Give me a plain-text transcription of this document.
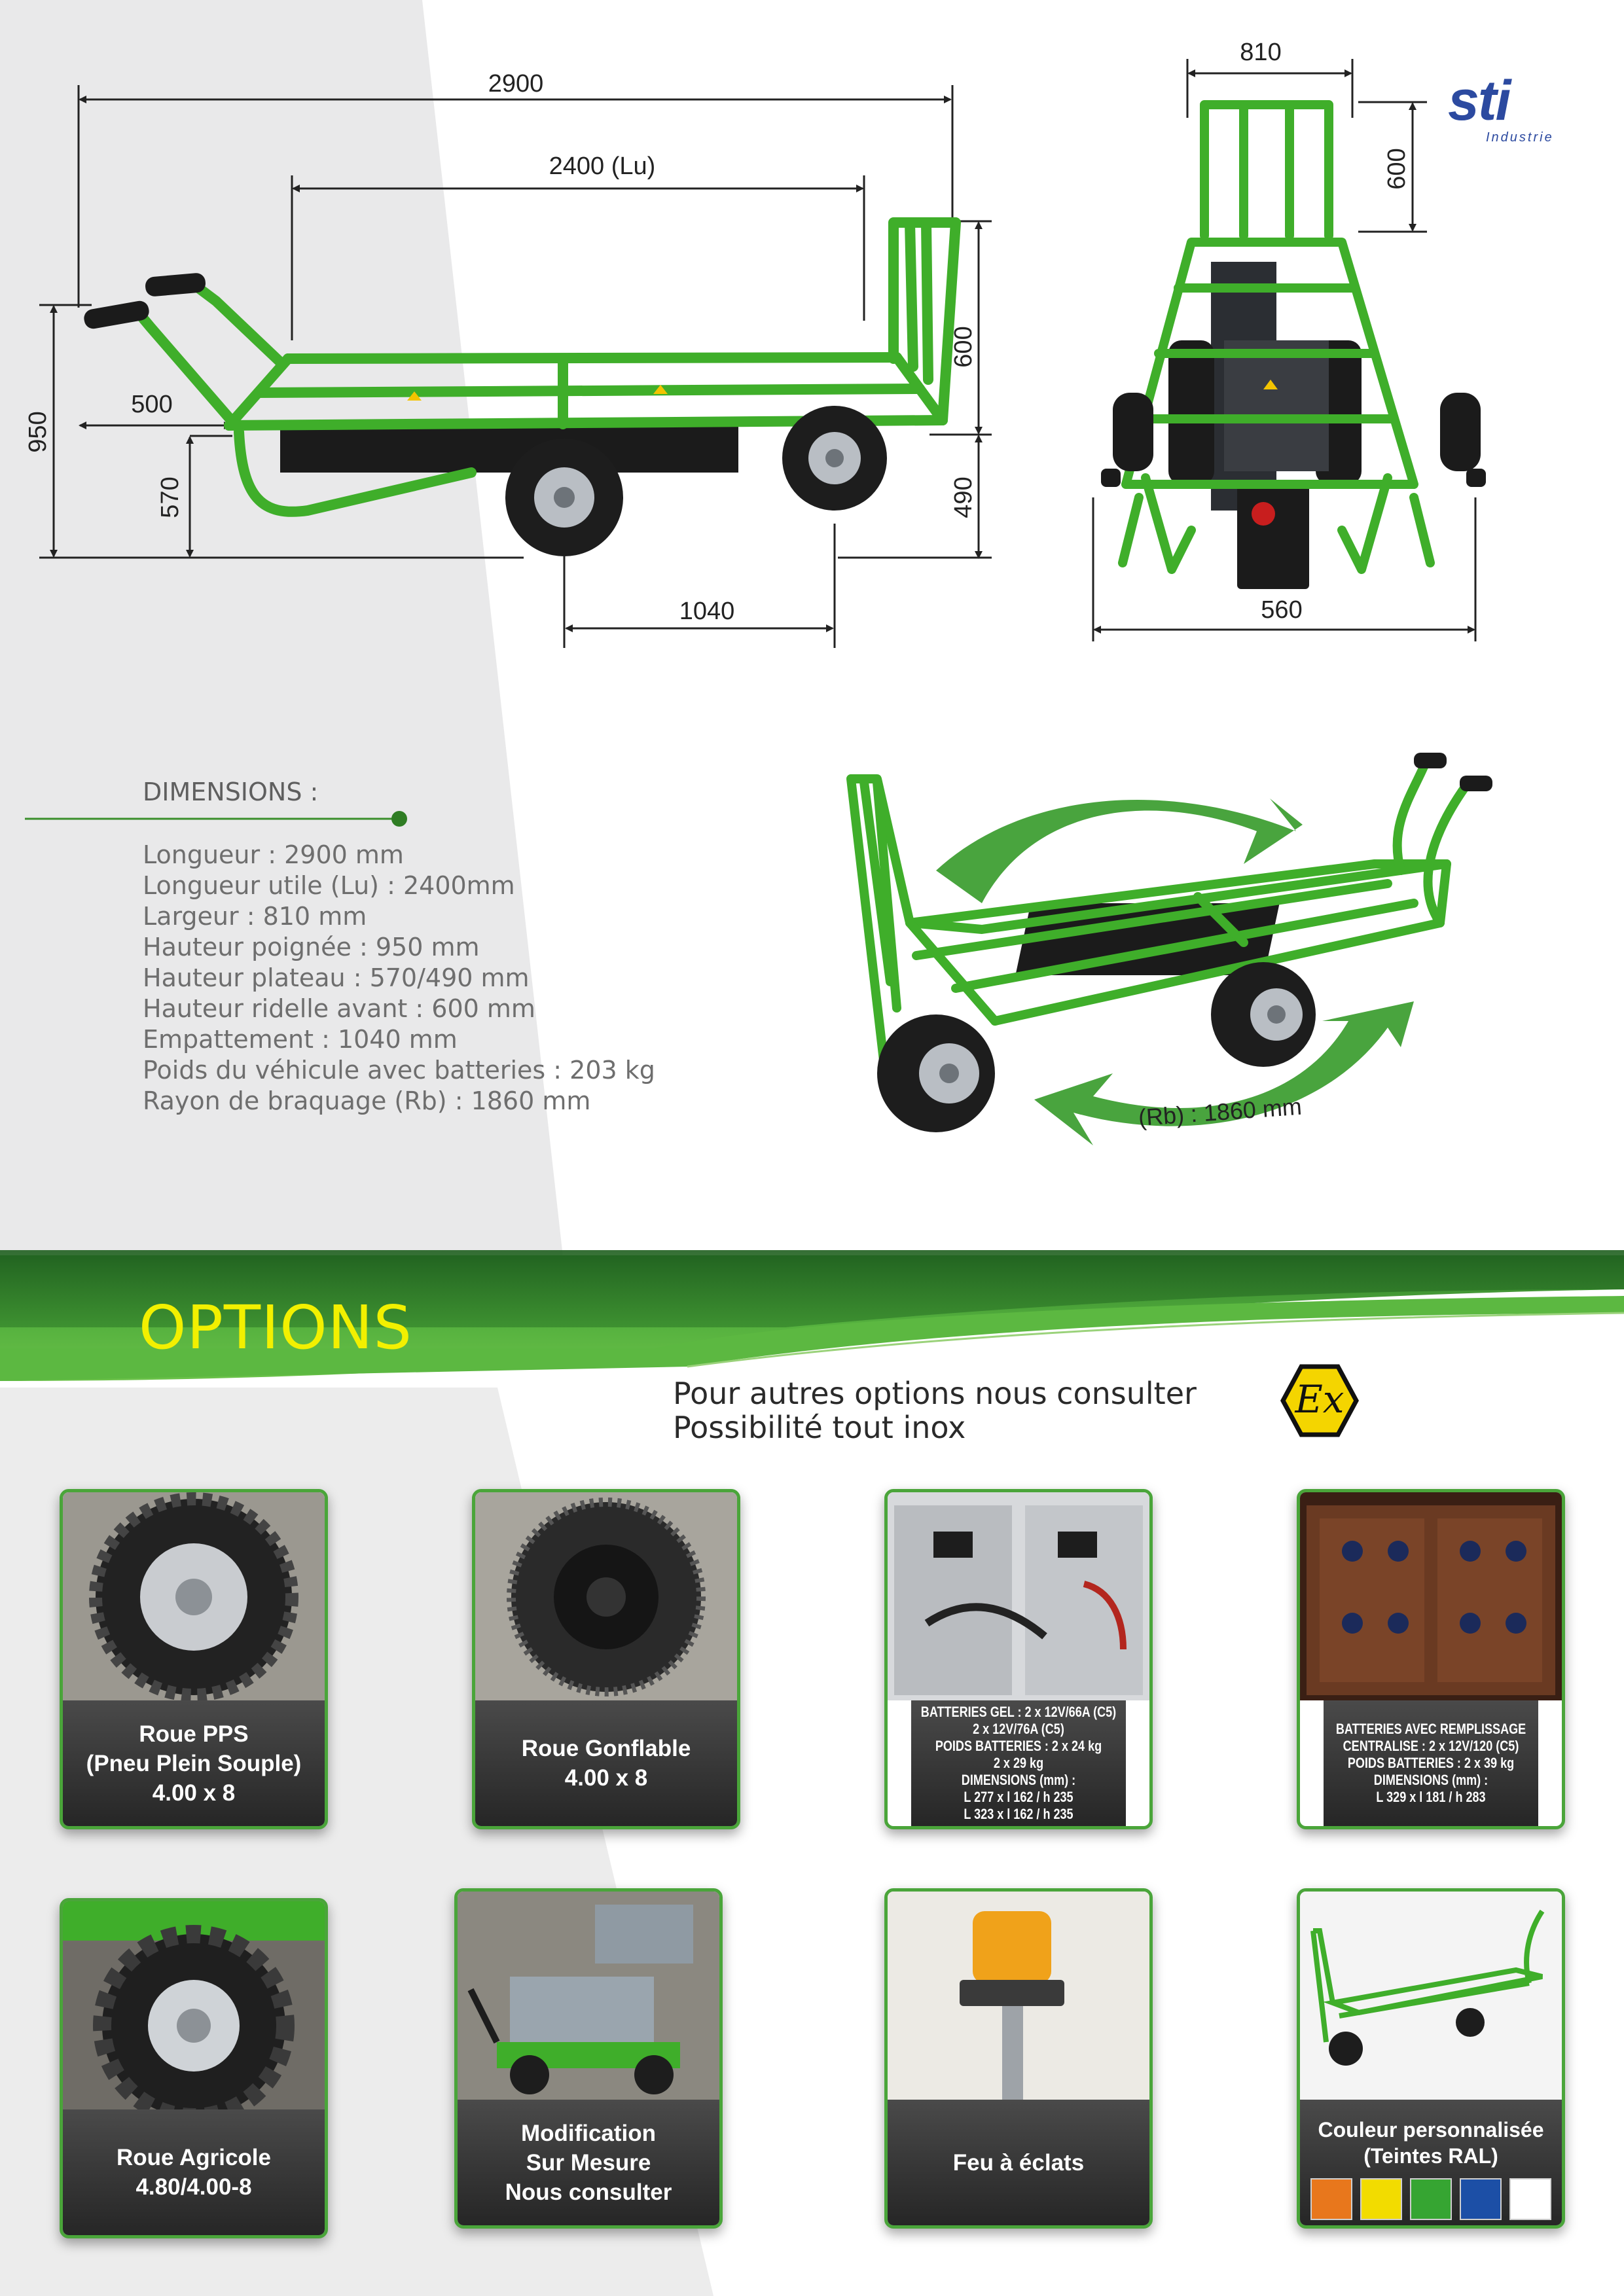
2900
2400 (Lu)
950
500
570
600
490
1040
810
600
560
sti
Industrie
DIMENSIONS :
Longueur : 2900 mm
Longueur utile (Lu) : 2400mm
Largeur : 810 mm
Hauteur poignée : 950 mm
Hauteur plateau : 570/490 mm
Hauteur ridelle avant : 600 mm
Empattement : 1040 mm
Poids du véhicule avec batteries : 203 kg
Rayon de braquage (Rb) : 1860 mm	(Rb) : 1860 mm
OPTIONS
Pour autres options nous consulter
Possibilité tout inox
Ex
Roue PPS
(Pneu Plein Souple)
4.00 x 8
Roue Gonflable
4.00 x 8
BATTERIES GEL : 2 x 12V/66A (C5)
2 x 12V/76A (C5)
POIDS BATTERIES : 2 x 24 kg
2 x 29 kg
DIMENSIONS (mm) :
L 277 x l 162 / h 235
L 323 x l 162 / h 235
BATTERIES AVEC REMPLISSAGE
CENTRALISE : 2 x 12V/120 (C5)
POIDS BATTERIES : 2 x 39 kg
DIMENSIONS (mm) :
L 329 x l 181 / h 283
Roue Agricole
4.80/4.00-8
Modification
Sur Mesure
Nous consulter
Feu à éclats
Couleur personnalisée
(Teintes RAL)
